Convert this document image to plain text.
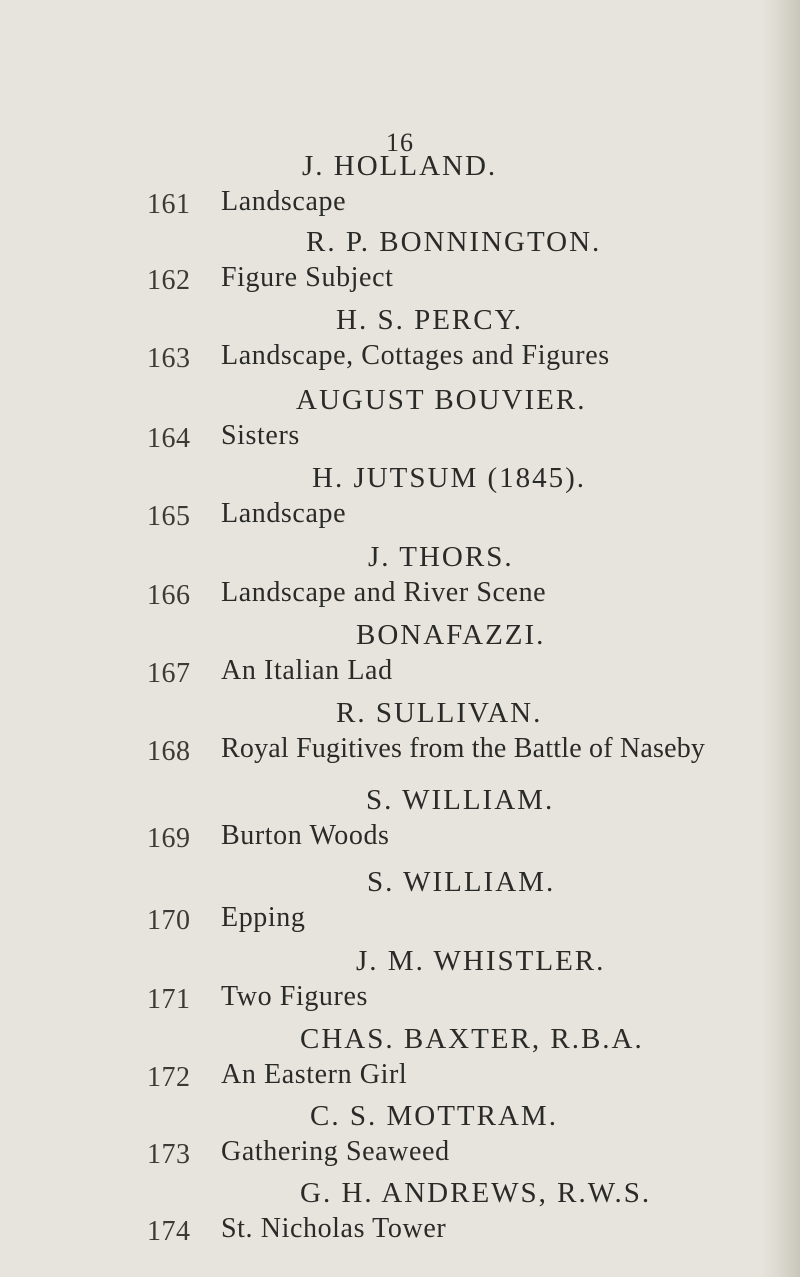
16
J. HOLLAND.
161 Landscape
R. P. BONNINGTON.
162 Figure Subject
H. S. PERCY.
163 Landscape, Cottages and Figures
AUGUST BOUVIER.
164 Sisters
H. JUTSUM (1845).
165 Landscape
J. THORS.
166 Landscape and River Scene
BONAFAZZI.
167 An Italian Lad
R. SULLIVAN.
168 Royal Fugitives from the Battle of Naseby
S. WILLIAM.
169 Burton Woods
S. WILLIAM.
170 Epping
J. M. WHISTLER.
171 Two Figures
CHAS. BAXTER, R.B.A.
172 An Eastern Girl
C. S. MOTTRAM.
173 Gathering Seaweed
G. H. ANDREWS, R.W.S.
174 St. Nicholas Tower
